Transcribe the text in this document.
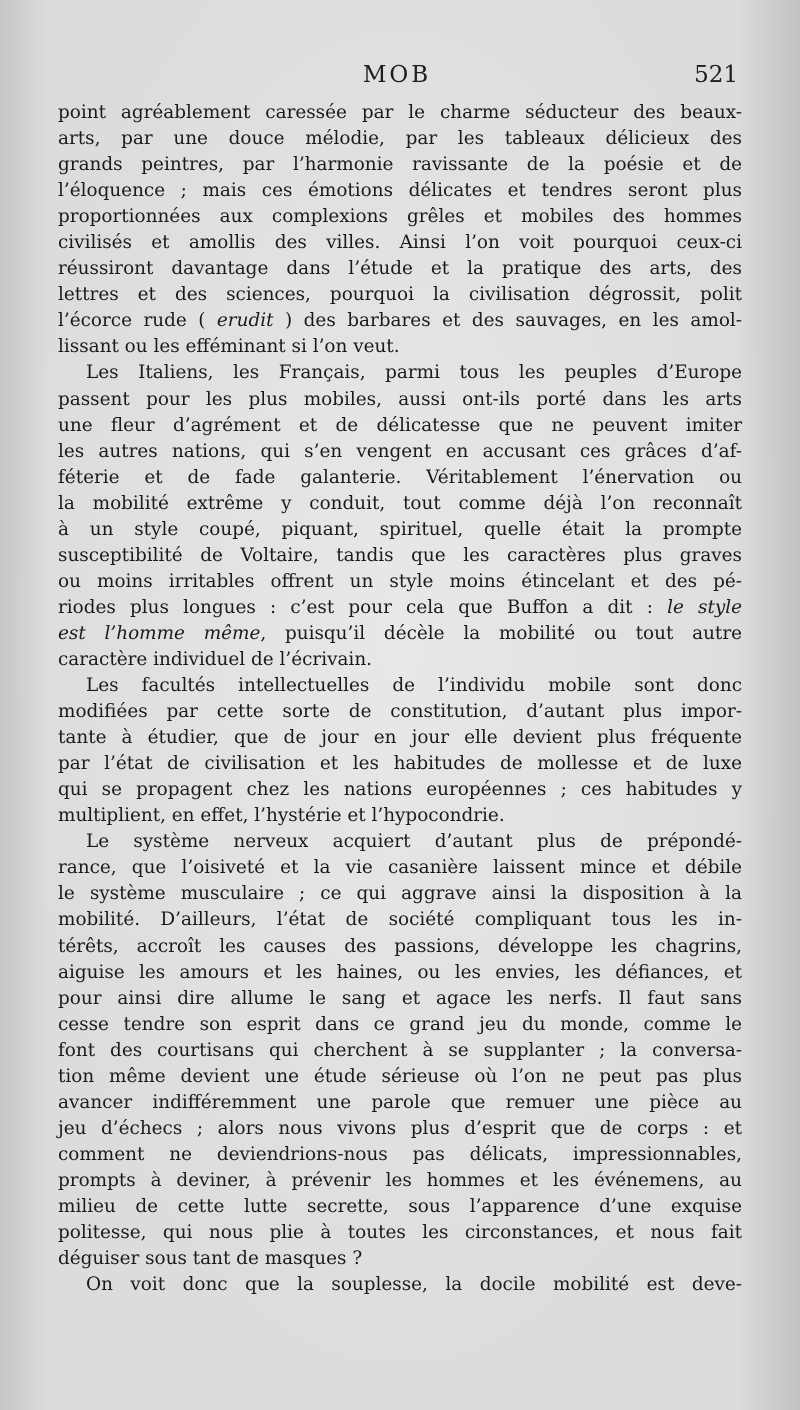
MOB	521
point agréablement caressée par le charme séducteur des beaux-
arts, par une douce mélodie, par les tableaux délicieux des
grands peintres, par l’harmonie ravissante de la poésie et de
l’éloquence ; mais ces émotions délicates et tendres seront plus
proportionnées aux complexions grêles et mobiles des hommes
civilisés et amollis des villes. Ainsi l’on voit pourquoi ceux-ci
réussiront davantage dans l’étude et la pratique des arts, des
lettres et des sciences, pourquoi la civilisation dégrossit, polit
l’écorce rude ( erudit ) des barbares et des sauvages, en les amol-
lissant ou les efféminant si l’on veut.
Les Italiens, les Français, parmi tous les peuples d’Europe
passent pour les plus mobiles, aussi ont-ils porté dans les arts
une fleur d’agrément et de délicatesse que ne peuvent imiter
les autres nations, qui s’en vengent en accusant ces grâces d’af-
féterie et de fade galanterie. Véritablement l’énervation ou
la mobilité extrême y conduit, tout comme déjà l’on reconnaît
à un style coupé, piquant, spirituel, quelle était la prompte
susceptibilité de Voltaire, tandis que les caractères plus graves
ou moins irritables offrent un style moins étincelant et des pé-
riodes plus longues : c’est pour cela que Buffon a dit : le style
est l’homme même, puisqu’il décèle la mobilité ou tout autre
caractère individuel de l’écrivain.
Les facultés intellectuelles de l’individu mobile sont donc
modifiées par cette sorte de constitution, d’autant plus impor-
tante à étudier, que de jour en jour elle devient plus fréquente
par l’état de civilisation et les habitudes de mollesse et de luxe
qui se propagent chez les nations européennes ; ces habitudes y
multiplient, en effet, l’hystérie et l’hypocondrie.
Le système nerveux acquiert d’autant plus de prépondé-
rance, que l’oisiveté et la vie casanière laissent mince et débile
le système musculaire ; ce qui aggrave ainsi la disposition à la
mobilité. D’ailleurs, l’état de société compliquant tous les in-
térêts, accroît les causes des passions, développe les chagrins,
aiguise les amours et les haines, ou les envies, les défiances, et
pour ainsi dire allume le sang et agace les nerfs. Il faut sans
cesse tendre son esprit dans ce grand jeu du monde, comme le
font des courtisans qui cherchent à se supplanter ; la conversa-
tion même devient une étude sérieuse où l’on ne peut pas plus
avancer indifféremment une parole que remuer une pièce au
jeu d’échecs ; alors nous vivons plus d’esprit que de corps : et
comment ne deviendrions-nous pas délicats, impressionnables,
prompts à deviner, à prévenir les hommes et les événemens, au
milieu de cette lutte secrette, sous l’apparence d’une exquise
politesse, qui nous plie à toutes les circonstances, et nous fait
déguiser sous tant de masques ?
On voit donc que la souplesse, la docile mobilité est deve-
